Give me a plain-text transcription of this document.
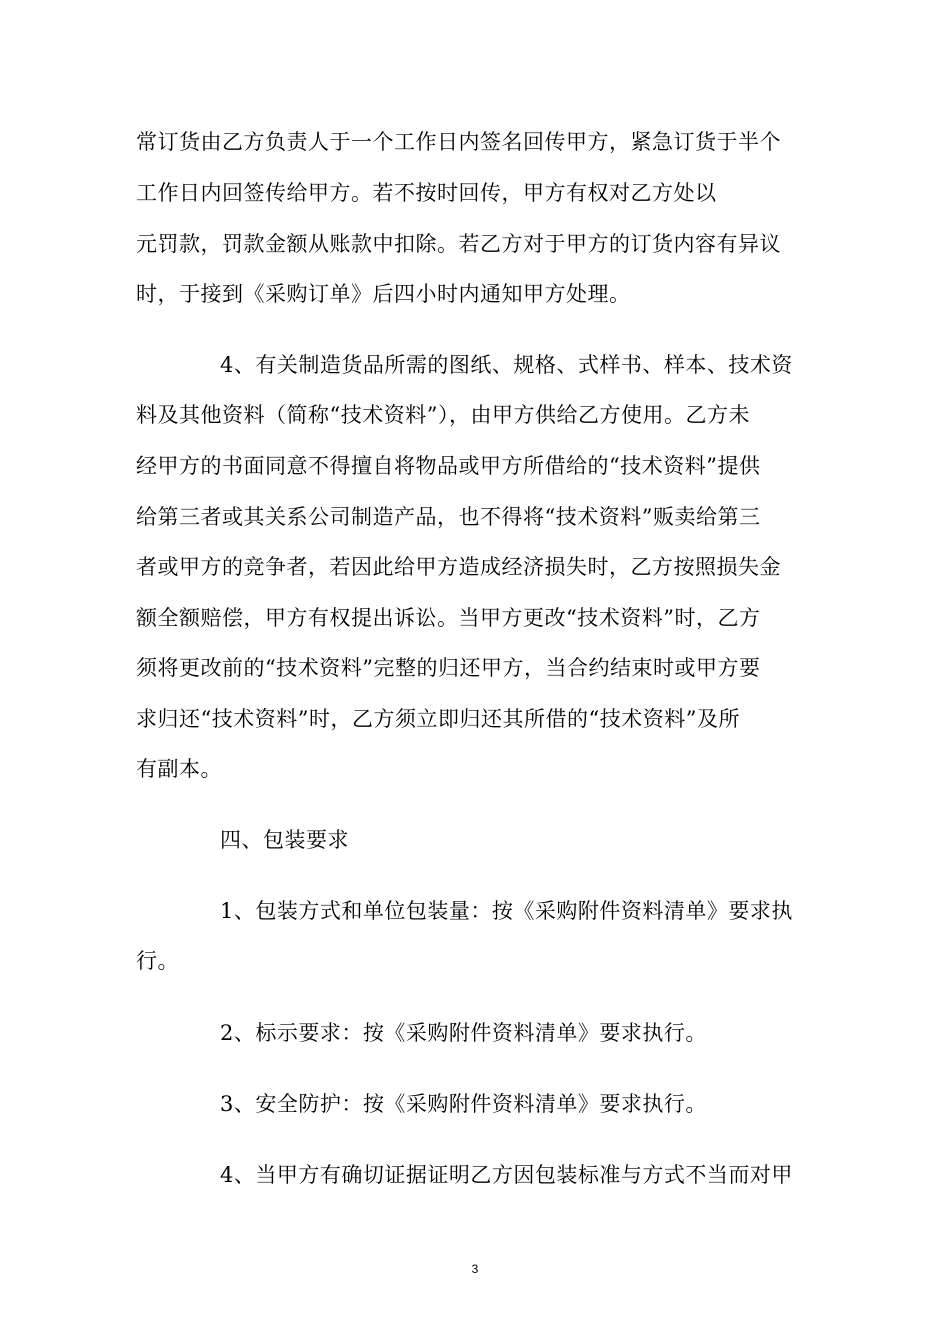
常订货由乙方负责人于一个工作日内签名回传甲方，紧急订货于半个
工作日内回签传给甲方。若不按时回传，甲方有权对乙方处以
元罚款，罚款金额从账款中扣除。若乙方对于甲方的订货内容有异议
时，于接到《采购订单》后四小时内通知甲方处理。
4、有关制造货品所需的图纸、规格、式样书、样本、技术资
料及其他资料（简称“技术资料”），由甲方供给乙方使用。乙方未
经甲方的书面同意不得擅自将物品或甲方所借给的“技术资料”提供
给第三者或其关系公司制造产品，也不得将“技术资料”贩卖给第三
者或甲方的竞争者，若因此给甲方造成经济损失时，乙方按照损失金
额全额赔偿，甲方有权提出诉讼。当甲方更改“技术资料”时，乙方
须将更改前的“技术资料”完整的归还甲方，当合约结束时或甲方要
求归还“技术资料”时，乙方须立即归还其所借的“技术资料”及所
有副本。
四、包装要求
1、包装方式和单位包装量：按《采购附件资料清单》要求执
行。
2、标示要求：按《采购附件资料清单》要求执行。
3、安全防护：按《采购附件资料清单》要求执行。
4、当甲方有确切证据证明乙方因包装标准与方式不当而对甲
3
